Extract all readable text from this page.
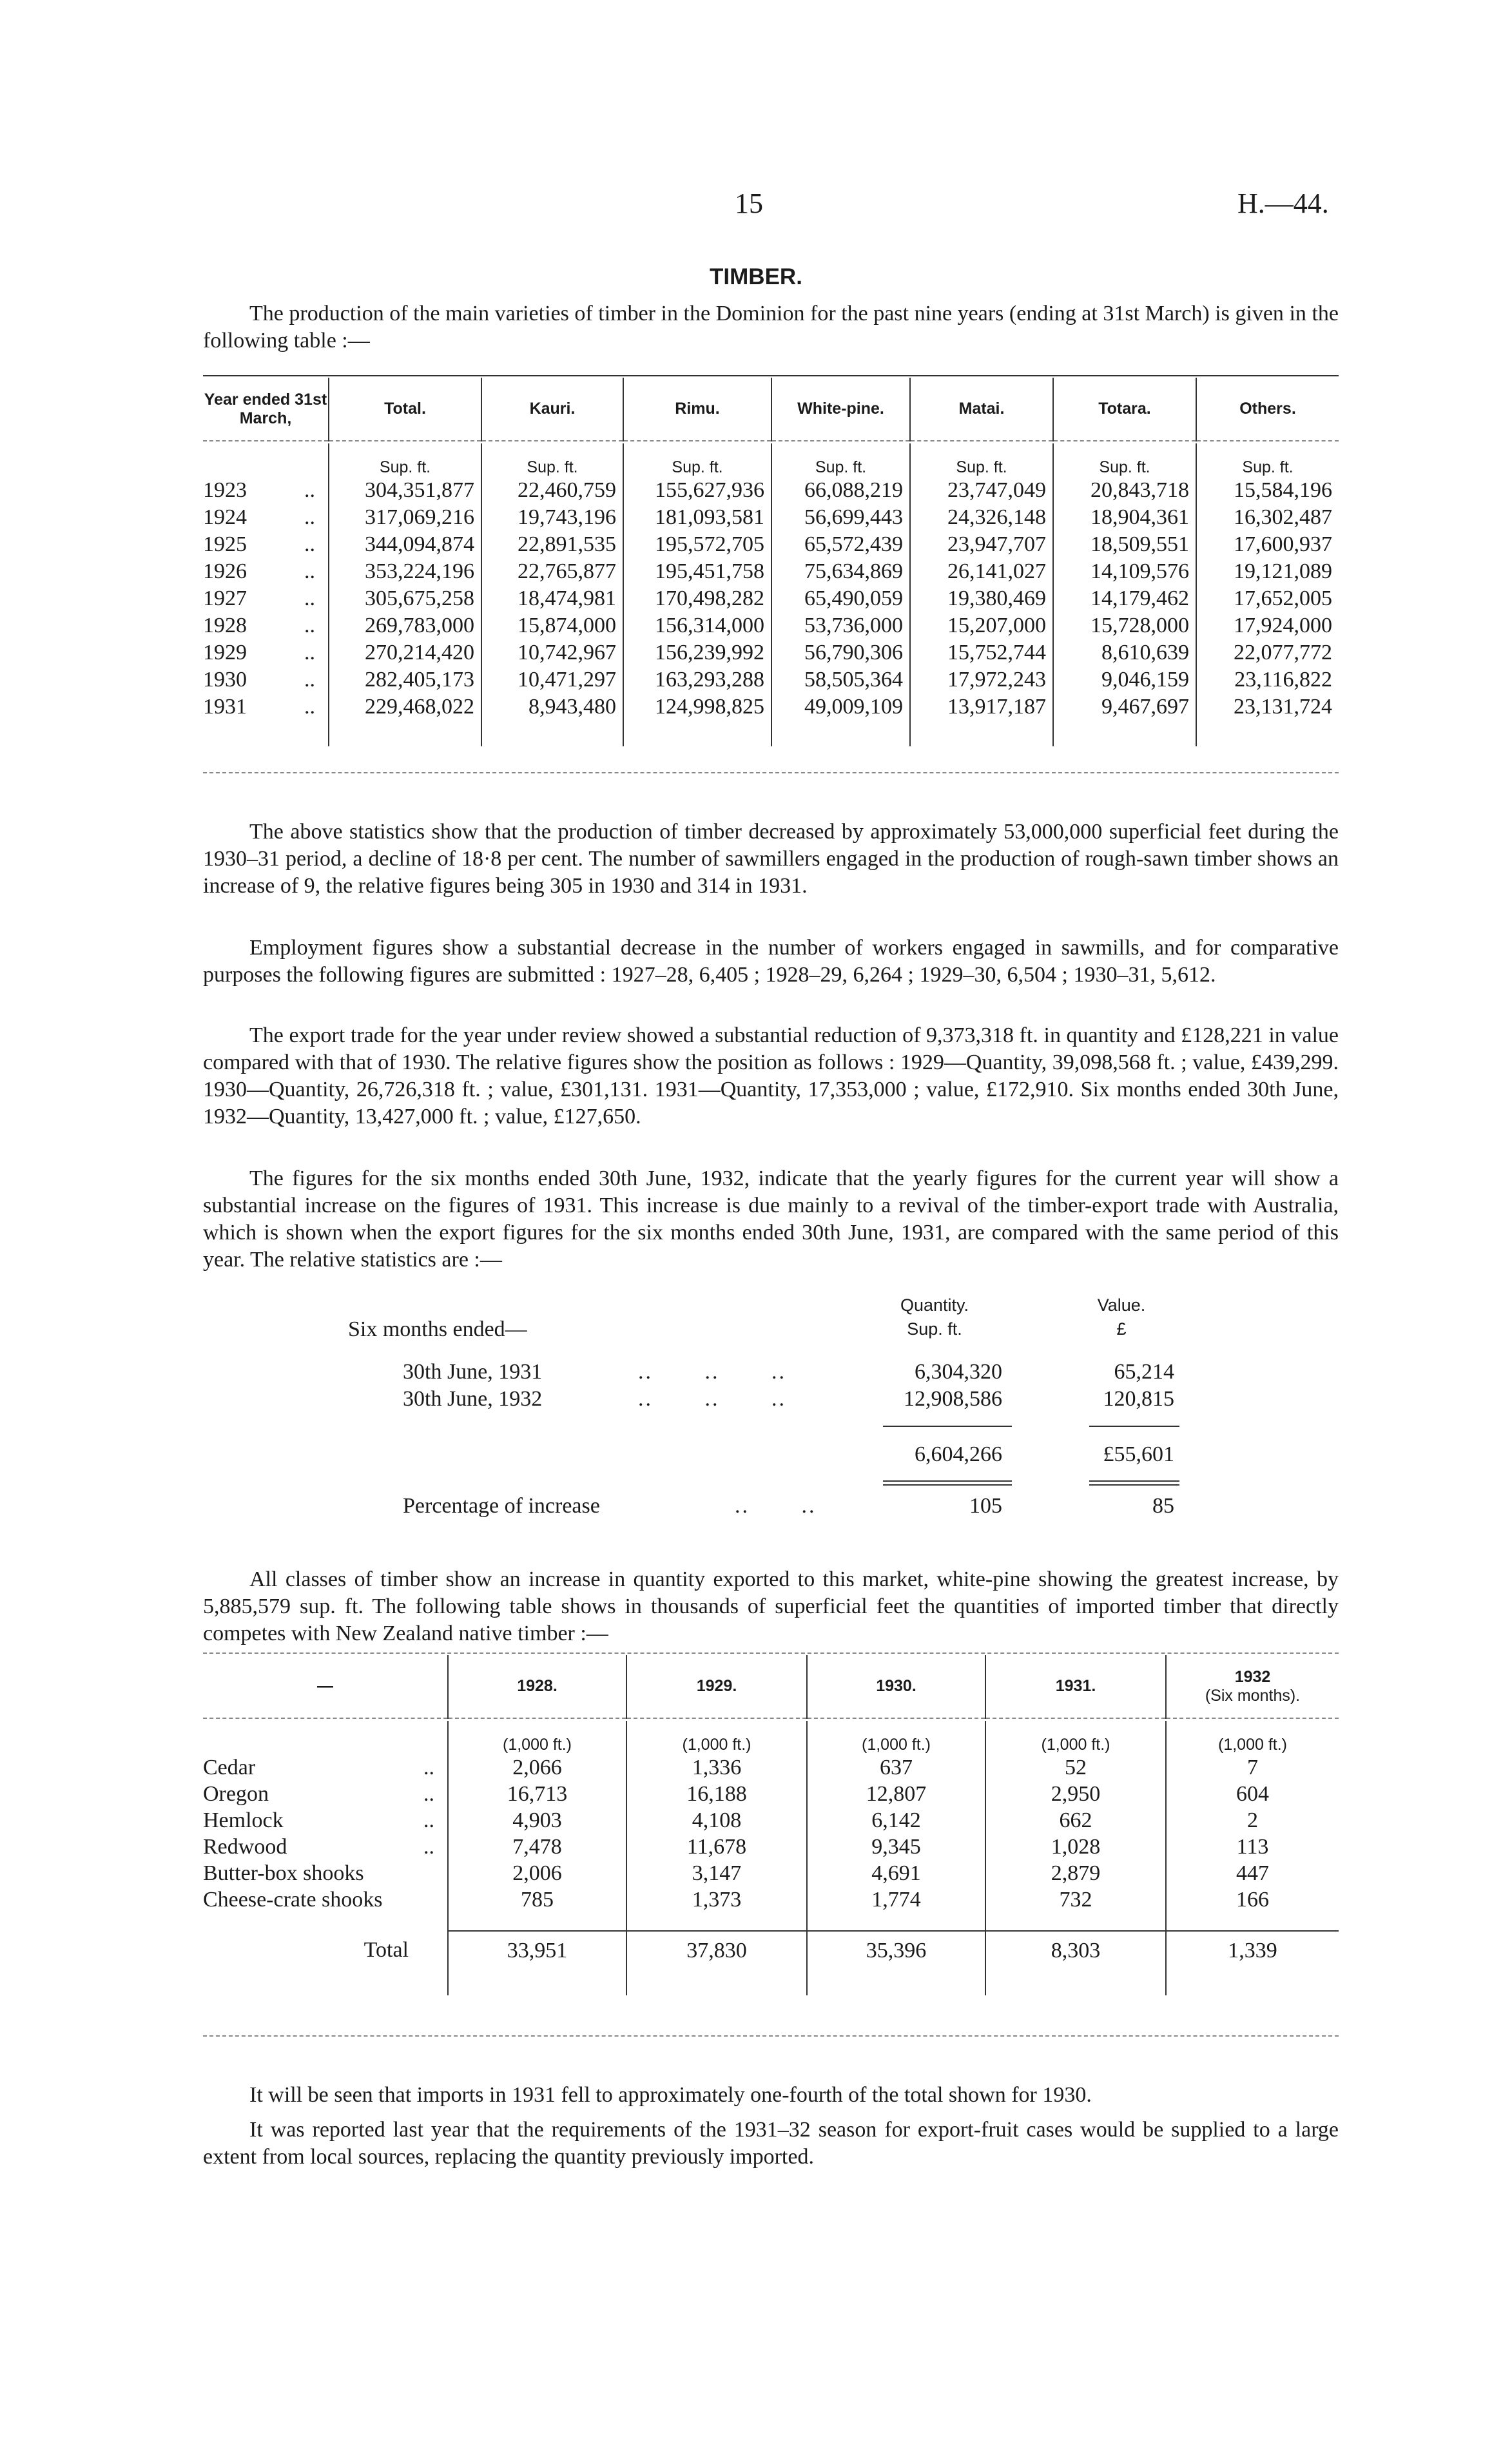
15	H.—44.
TIMBER.

The production of the main varieties of timber in the Dominion for the past nine years (ending at 31st March) is given in the following table :—

Year ended 31st March,	Total.	Kauri.	Rimu.	White-pine.	Matai.	Totara.	Others.

	Sup. ft.	Sup. ft.	Sup. ft.	Sup. ft.	Sup. ft.	Sup. ft.	Sup. ft.
1923 ..	304,351,877	22,460,759	155,627,936	66,088,219	23,747,049	20,843,718	15,584,196
1924 ..	317,069,216	19,743,196	181,093,581	56,699,443	24,326,148	18,904,361	16,302,487
1925 ..	344,094,874	22,891,535	195,572,705	65,572,439	23,947,707	18,509,551	17,600,937
1926 ..	353,224,196	22,765,877	195,451,758	75,634,869	26,141,027	14,109,576	19,121,089
1927 ..	305,675,258	18,474,981	170,498,282	65,490,059	19,380,469	14,179,462	17,652,005
1928 ..	269,783,000	15,874,000	156,314,000	53,736,000	15,207,000	15,728,000	17,924,000
1929 ..	270,214,420	10,742,967	156,239,992	56,790,306	15,752,744	8,610,639	22,077,772
1930 ..	282,405,173	10,471,297	163,293,288	58,505,364	17,972,243	9,046,159	23,116,822
1931 ..	229,468,022	8,943,480	124,998,825	49,009,109	13,917,187	9,467,697	23,131,724

The above statistics show that the production of timber decreased by approximately 53,000,000 superficial feet during the 1930–31 period, a decline of 18·8 per cent. The number of sawmillers engaged in the production of rough-sawn timber shows an increase of 9, the relative figures being 305 in 1930 and 314 in 1931.

Employment figures show a substantial decrease in the number of workers engaged in sawmills, and for comparative purposes the following figures are submitted : 1927–28, 6,405 ; 1928–29, 6,264 ; 1929–30, 6,504 ; 1930–31, 5,612.

The export trade for the year under review showed a substantial reduction of 9,373,318 ft. in quantity and £128,221 in value compared with that of 1930. The relative figures show the position as follows : 1929—Quantity, 39,098,568 ft. ; value, £439,299. 1930—Quantity, 26,726,318 ft. ; value, £301,131. 1931—Quantity, 17,353,000 ; value, £172,910. Six months ended 30th June, 1932—Quantity, 13,427,000 ft. ; value, £127,650.

The figures for the six months ended 30th June, 1932, indicate that the yearly figures for the current year will show a substantial increase on the figures of 1931. This increase is due mainly to a revival of the timber-export trade with Australia, which is shown when the export figures for the six months ended 30th June, 1931, are compared with the same period of this year. The relative statistics are :—

Quantity.
Sup. ft.
Value.
£
Six months ended—
30th June, 1931	..       ..       ..	6,304,320	65,214
30th June, 1932	..       ..       ..	12,908,586	120,815
6,604,266	£55,601
Percentage of increase	..       ..	105	85

All classes of timber show an increase in quantity exported to this market, white-pine showing the greatest increase, by 5,885,579 sup. ft. The following table shows in thousands of superficial feet the quantities of imported timber that directly competes with New Zealand native timber :—

—	1928.	1929.	1930.	1931.	1932
(Six months).

	(1,000 ft.)	(1,000 ft.)	(1,000 ft.)	(1,000 ft.)	(1,000 ft.)
Cedar ..	2,066	1,336	637	52	7
Oregon ..	16,713	16,188	12,807	2,950	604
Hemlock ..	4,903	4,108	6,142	662	2
Redwood ..	7,478	11,678	9,345	1,028	113
Butter-box shooks	2,006	3,147	4,691	2,879	447
Cheese-crate shooks	785	1,373	1,774	732	166

Total	33,951	37,830	35,396	8,303	1,339

It will be seen that imports in 1931 fell to approximately one-fourth of the total shown for 1930.

It was reported last year that the requirements of the 1931–32 season for export-fruit cases would be supplied to a large extent from local sources, replacing the quantity previously imported.
